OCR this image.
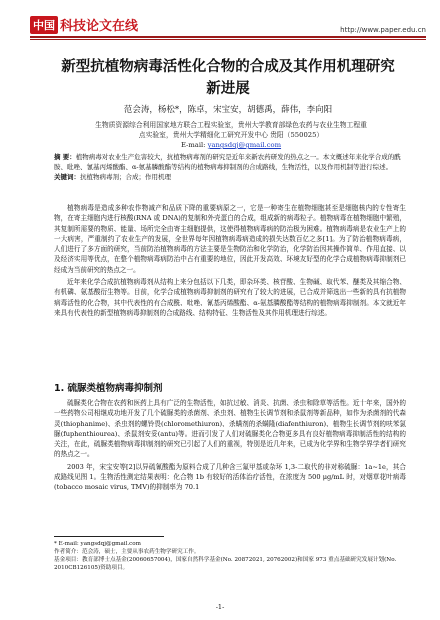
中国 科技论文在线	http://www.paper.edu.cn
新型抗植物病毒活性化合物的合成及其作用机理研究
新进展
范会涛，杨松*，陈卓，宋宝安，胡德禹，薛伟，李向阳
生物质资源综合利用国家地方联合工程实验室，贵州大学教育部绿色农药与农业生物工程重
点实验室，贵州大学精细化工研究开发中心 贵阳（550025）
E-mail: yangsdqj@gmail.com
摘 要：植物病毒对农业生产危害较大，抗植物病毒剂的研究是近年来新农药研发的热点之一。本文概述年来化学合成的酰胺、吡唑、氰基丙烯酸酯、α-氨基膦酸酯等结构的植物病毒抑制剂的合成路线，生物活性，以及作用机制等进行综述。
关键词：抗植物病毒剂；合成；作用机理

植物病毒是造成多种农作物减产和品质下降的重要病原之一，它是一种寄生在植物细胞甚至是细胞核内的专性寄生物，在寄主细胞内进行核酸(RNA 或 DNA)的复制和外壳蛋白的合成，组成新的病毒粒子。植物病毒在植物细胞中繁殖，其复制所需要的物质、能量、场所完全由寄主细胞提供，这使得植物病毒病的防治极为困难。植物病毒病是农业生产上的一大病害，严重制约了农业生产的发展，全世界每年因植物病毒病造成的损失达数百亿之多[1]。为了防治植物病毒病，人们进行了多方面的研究，当前防治植物病毒的方法主要是生物防治和化学防治，化学防治因其操作简单、作用直接、以及经济实用等优点，在整个植物病毒病防治中占有重要的地位，因此开发高效、环境友好型的化学合成植物病毒抑制剂已经成为当前研究的热点之一。

近年来化学合成抗植物病毒剂从结构上来分包括以下几类，即杂环类、核苷酸、生物碱、取代苯、醚类及其缩合物、有机磷、氨基酸衍生物等。目前，化学合成植物病毒抑制剂的研究有了较大的进展，已合成并筛选出一些新的具有抗植物病毒活性的化合物，其中代表性的有合成酰、吡唑、氰基丙烯酸酯、α-氨基膦酸酯等结构的植物病毒抑制剂。本文就近年来具有代表性的新型植物病毒抑制剂的合成路线、结构特征、生物活性及其作用机理进行综述。

1. 硫脲类植物病毒抑制剂

硫脲类化合物在农药和医药上具有广泛的生物活性，如抗过敏、消炎、抗菌、杀虫和除草等活性。近十年来，国外的一些药物公司相继成功地开发了几个硫脲类的杀菌剂、杀虫剂、植物生长调节剂和杀鼠剂等新品种，如作为杀菌剂的代森灵(thiophanime)、杀虫剂的螺铃畏(chloromethiuron)、杀螨剂的杀螨隆(diafenthiuron)、植物生长调节剂的呋苯氯脲(fuphenthiourea)、杀鼠剂安妥(antu)等。进而引发了人们对硫脲类化合物更多具有良好植物病毒抑制活性的结构的关注，在此，硫脲类植物病毒抑制剂的研究已引起了人们的重视，特别是近几年来，已成为化学界和生物学界学者们研究的热点之一。

2003 年，宋宝安等[2]以异硫氰酸酯为原料合成了几种含三氟甲基或杂环 1,3-二取代的非对称硫脲：1a~1e，其合成路线见图 1。生物活性测定结果表明：化合物 1b 有较好的活体治疗活性，在浓度为 500 μg/mL 时，对烟草花叶病毒(tobacco mosaic virus, TMV)的抑制率为 70.1

* E-mail: yangsdqj@gmail.com
作者简介：范会涛，硕士，主要从事农药生物学研究工作。
基金项目：教育部博士点基金(20060657004)，国家自然科学基金(No. 20872021, 20762002)和国家 973 重点基础研究发展计划(No. 2010CB126105)资助项目。
-1-
